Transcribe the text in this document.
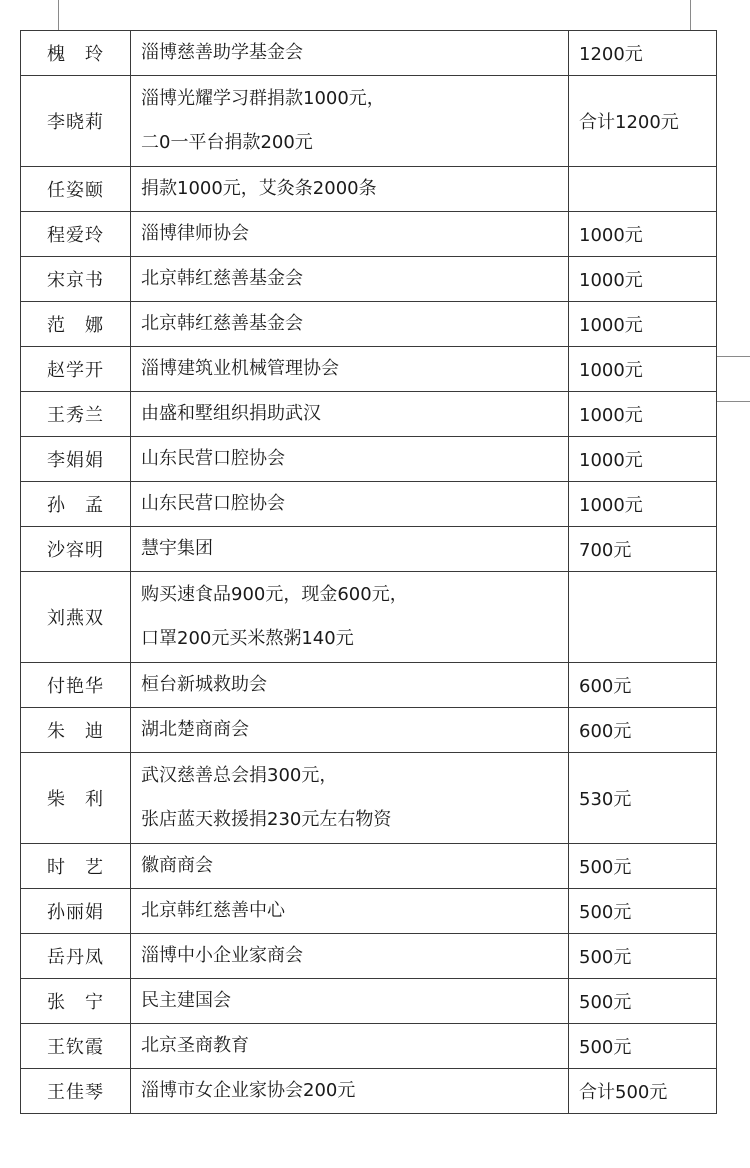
槐　玲	淄博慈善助学基金会	1200元
李晓莉	淄博光耀学习群捐款1000元，
二0一平台捐款200元	合计1200元
任姿颐	捐款1000元，艾灸条2000条	

程爱玲	淄博律师协会	1000元
宋京书	北京韩红慈善基金会	1000元
范　娜	北京韩红慈善基金会	1000元
赵学开	淄博建筑业机械管理协会	1000元
王秀兰	由盛和墅组织捐助武汉	1000元
李娟娟	山东民营口腔协会	1000元
孙　孟	山东民营口腔协会	1000元
沙容明	慧宇集团	700元
刘燕双	购买速食品900元，现金600元，
口罩200元买米熬粥140元	

付艳华	桓台新城救助会	600元
朱　迪	湖北楚商商会	600元
柴　利	武汉慈善总会捐300元，
张店蓝天救援捐230元左右物资	530元
时　艺	徽商商会	500元
孙丽娟	北京韩红慈善中心	500元
岳丹凤	淄博中小企业家商会	500元
张　宁	民主建国会	500元
王钦霞	北京圣商教育	500元
王佳琴	淄博市女企业家协会200元	合计500元
